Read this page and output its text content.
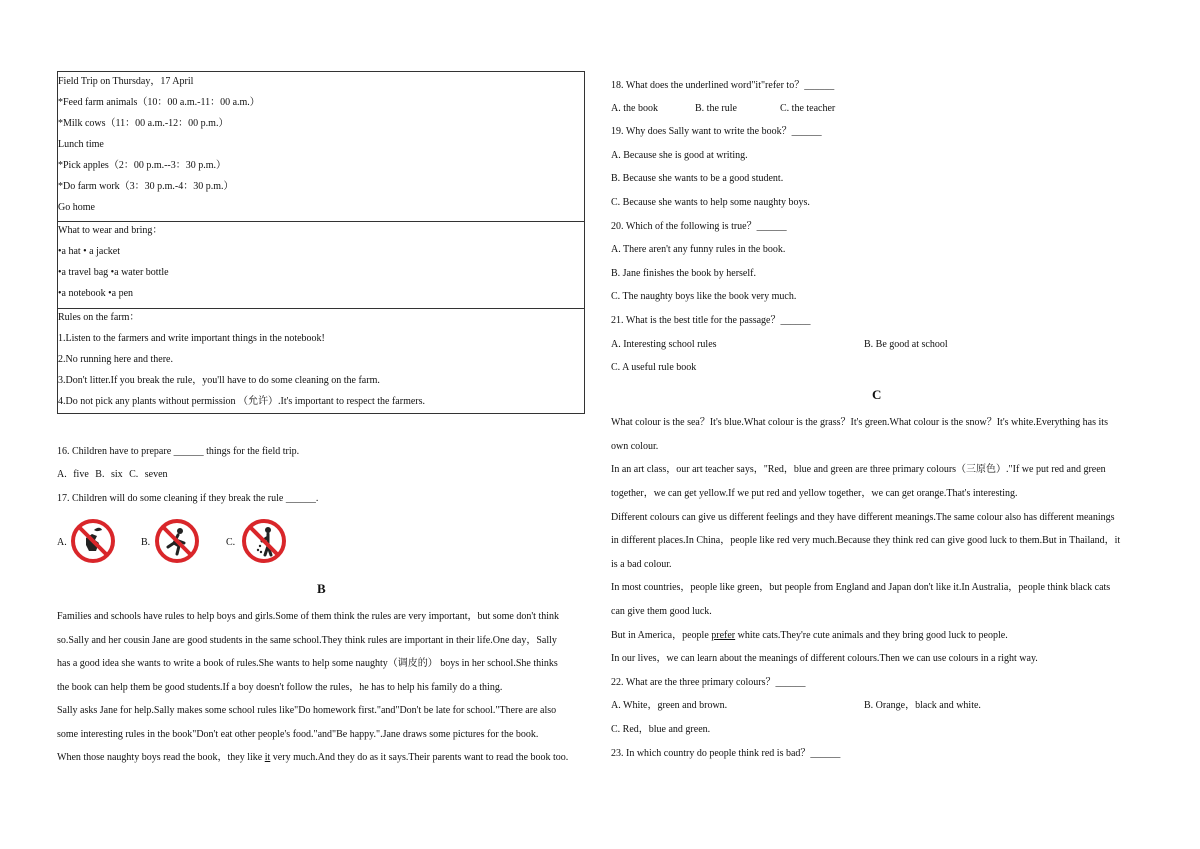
Field Trip on Thursday，17 April
*Feed farm animals（10：00 a.m.-11：00 a.m.）
*Milk cows（11：00 a.m.-12：00 p.m.）
Lunch time
*Pick apples（2：00 p.m.--3：30 p.m.）
*Do farm work（3：30 p.m.-4：30 p.m.）
Go home
What to wear and bring：
•a hat • a jacket
•a travel bag •a water bottle
•a notebook •a pen
Rules on the farm：
1.Listen to the farmers and write important things in the notebook!
2.No running here and there.
3.Don't litter.If you break the rule，you'll have to do some cleaning on the farm.
4.Do not pick any plants without permission （允许）.It's important to respect the farmers.
16. Children have to prepare ______ things for the field trip.
A. five B. six C. seven
17. Children will do some cleaning if they break the rule ______.
A.	B.	C.
B
Families and schools have rules to help boys and girls.Some of them think the rules are very important，but some don't think
so.Sally and her cousin Jane are good students in the same school.They think rules are important in their life.One day，Sally
has a good idea she wants to write a book of rules.She wants to help some naughty（调皮的） boys in her school.She thinks
the book can help them be good students.If a boy doesn't follow the rules，he has to help his family do a thing.
Sally asks Jane for help.Sally makes some school rules like"Do homework first."and"Don't be late for school."There are also
some interesting rules in the book"Don't eat other people's food."and"Be happy.".Jane draws some pictures for the book.
When those naughty boys read the book，they like it very much.And they do as it says.Their parents want to read the book too.
18. What does the underlined word"it"refer to？______
A. the book	B. the rule	C. the teacher
19. Why does Sally want to write the book？______
A. Because she is good at writing.
B. Because she wants to be a good student.
C. Because she wants to help some naughty boys.
20. Which of the following is true？______
A. There aren't any funny rules in the book.
B. Jane finishes the book by herself.
C. The naughty boys like the book very much.
21. What is the best title for the passage？______
A. Interesting school rules	B. Be good at school
C. A useful rule book
C
What colour is the sea？It's blue.What colour is the grass？It's green.What colour is the snow？It's white.Everything has its
own colour.
In an art class，our art teacher says，"Red，blue and green are three primary colours（三原色）."If we put red and green
together，we can get yellow.If we put red and yellow together，we can get orange.That's interesting.
Different colours can give us different feelings and they have different meanings.The same colour also has different meanings
in different places.In China，people like red very much.Because they think red can give good luck to them.But in Thailand，it
is a bad colour.
In most countries，people like green，but people from England and Japan don't like it.In Australia，people think black cats
can give them good luck.
But in America，people prefer white cats.They're cute animals and they bring good luck to people.
In our lives，we can learn about the meanings of different colours.Then we can use colours in a right way.
22. What are the three primary colours？______
A. White，green and brown.	B. Orange，black and white.
C. Red，blue and green.
23. In which country do people think red is bad？______
